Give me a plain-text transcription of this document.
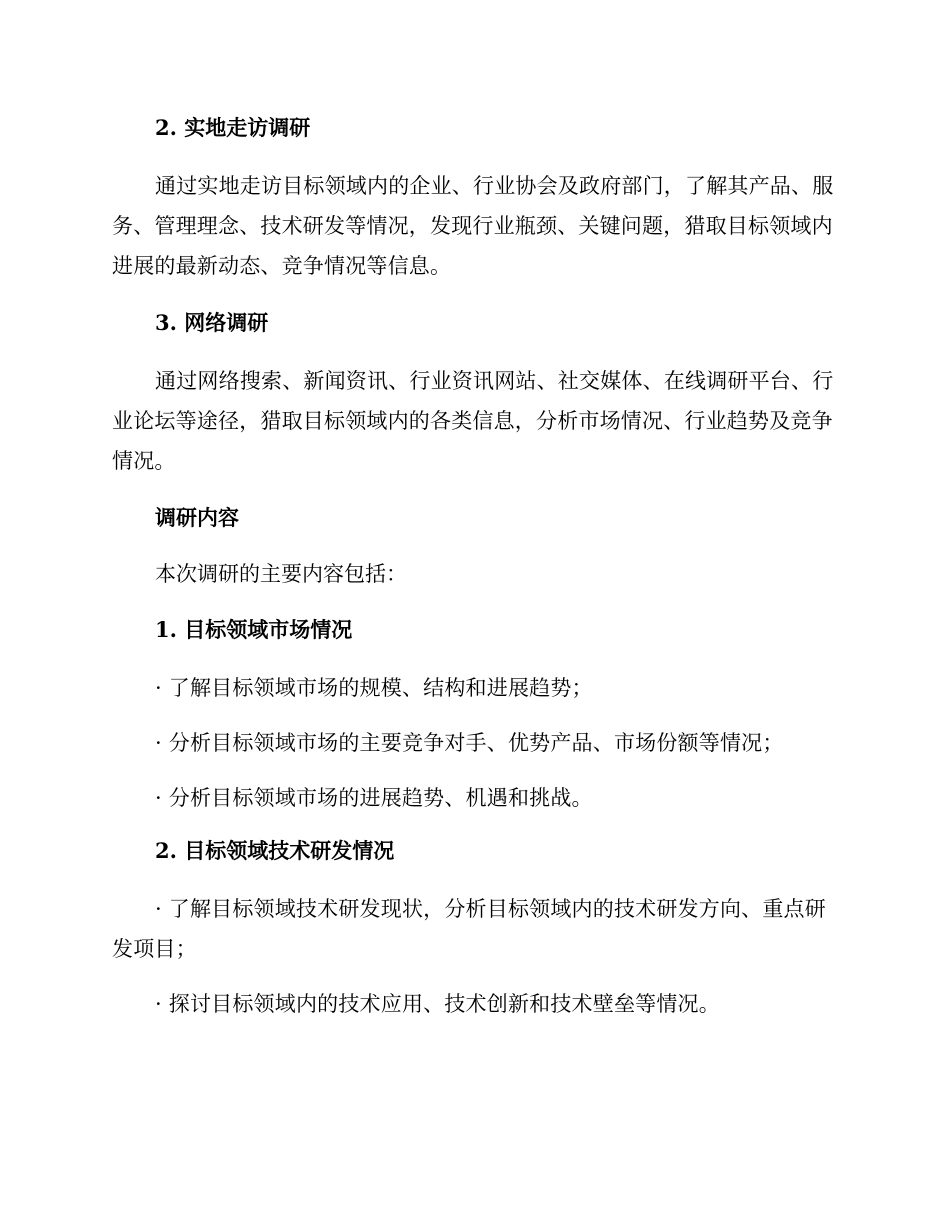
2. 实地走访调研

通过实地走访目标领域内的企业、行业协会及政府部门，了解其产品、服务、管理理念、技术研发等情况，发现行业瓶颈、关键问题，猎取目标领域内进展的最新动态、竞争情况等信息。

3. 网络调研

通过网络搜索、新闻资讯、行业资讯网站、社交媒体、在线调研平台、行业论坛等途径，猎取目标领域内的各类信息，分析市场情况、行业趋势及竞争情况。

调研内容
本次调研的主要内容包括：
1. 目标领域市场情况

· 了解目标领域市场的规模、结构和进展趋势；

· 分析目标领域市场的主要竞争对手、优势产品、市场份额等情况；

· 分析目标领域市场的进展趋势、机遇和挑战。

2. 目标领域技术研发情况

· 了解目标领域技术研发现状，分析目标领域内的技术研发方向、重点研发项目；

· 探讨目标领域内的技术应用、技术创新和技术壁垒等情况。
